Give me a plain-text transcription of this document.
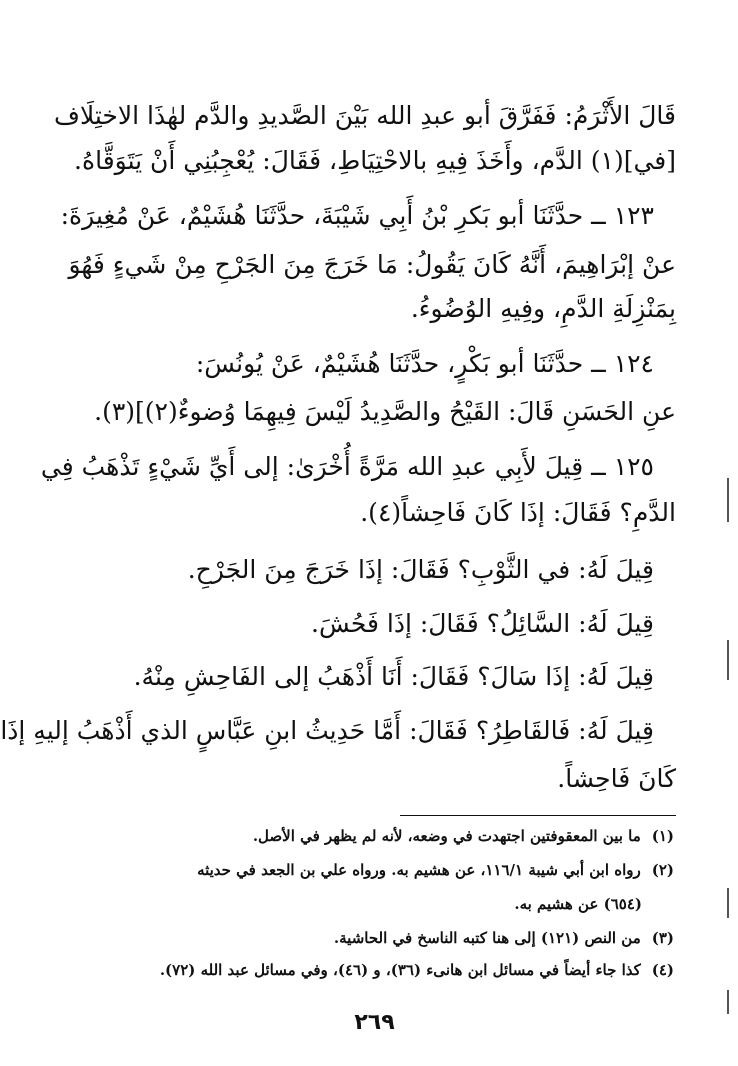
قَالَ الأَثْرَمُ: فَفَرَّقَ أبو عبدِ الله بَيْنَ الصَّديدِ والدَّم لهٰذَا الاختِلَاف

[في](١) الدَّم، وأَخَذَ فِيهِ بالاحْتِيَاطِ، فَقَالَ: يُعْجِبُنِي أَنْ يَتَوَقَّاهُ.

١٢٣ ــ حدَّثَنَا أبو بَكرِ بْنُ أَبِي شَيْبَةَ، حدَّثَنَا هُشَيْمٌ، عَنْ مُغِيرَةَ:

عنْ إبْرَاهِيمَ، أَنَّهُ كَانَ يَقُولُ: مَا خَرَجَ مِنَ الجَرْحِ مِنْ شَيءٍ فَهُوَ

بِمَنْزِلَةِ الدَّمِ، وفِيهِ الوُضُوءُ.

١٢٤ ــ حدَّثَنَا أبو بَكْرٍ، حدَّثَنَا هُشَيْمٌ، عَنْ يُونُسَ:

عنِ الحَسَنِ قَالَ: القَيْحُ والصَّدِيدُ لَيْسَ فِيهِمَا وُضوءٌ(٢)](٣).

١٢٥ ــ قِيلَ لأَبِي عبدِ الله مَرَّةً أُخْرَىٰ: إلى أَيِّ شَيْءٍ تَذْهَبُ فِي

الدَّمِ؟ فَقَالَ: إذَا كَانَ فَاحِشاً(٤).

قِيلَ لَهُ: في الثَّوْبِ؟ فَقَالَ: إذَا خَرَجَ مِنَ الجَرْحِ.

قِيلَ لَهُ: السَّائِلُ؟ فَقَالَ: إذَا فَحُشَ.

قِيلَ لَهُ: إذَا سَالَ؟ فَقَالَ: أَنَا أَذْهَبُ إلى الفَاحِشِ مِنْهُ.

قِيلَ لَهُ: فَالقَاطِرُ؟ فَقَالَ: أَمَّا حَدِيثُ ابنِ عَبَّاسٍ الذي أَذْهَبُ إليهِ إذَا

كَانَ فَاحِشاً.

(١) ما بين المعقوفتين اجتهدت في وضعه، لأنه لم يظهر في الأصل.

(٢) رواه ابن أبي شيبة ١١٦/١، عن هشيم به. ورواه علي بن الجعد في حديثه

(٦٥٤) عن هشيم به.

(٣) من النص (١٢١) إلى هنا كتبه الناسخ في الحاشية.

(٤) كذا جاء أيضاً في مسائل ابن هانىء (٣٦)، و (٤٦)، وفي مسائل عبد الله (٧٢).

٢٦٩
